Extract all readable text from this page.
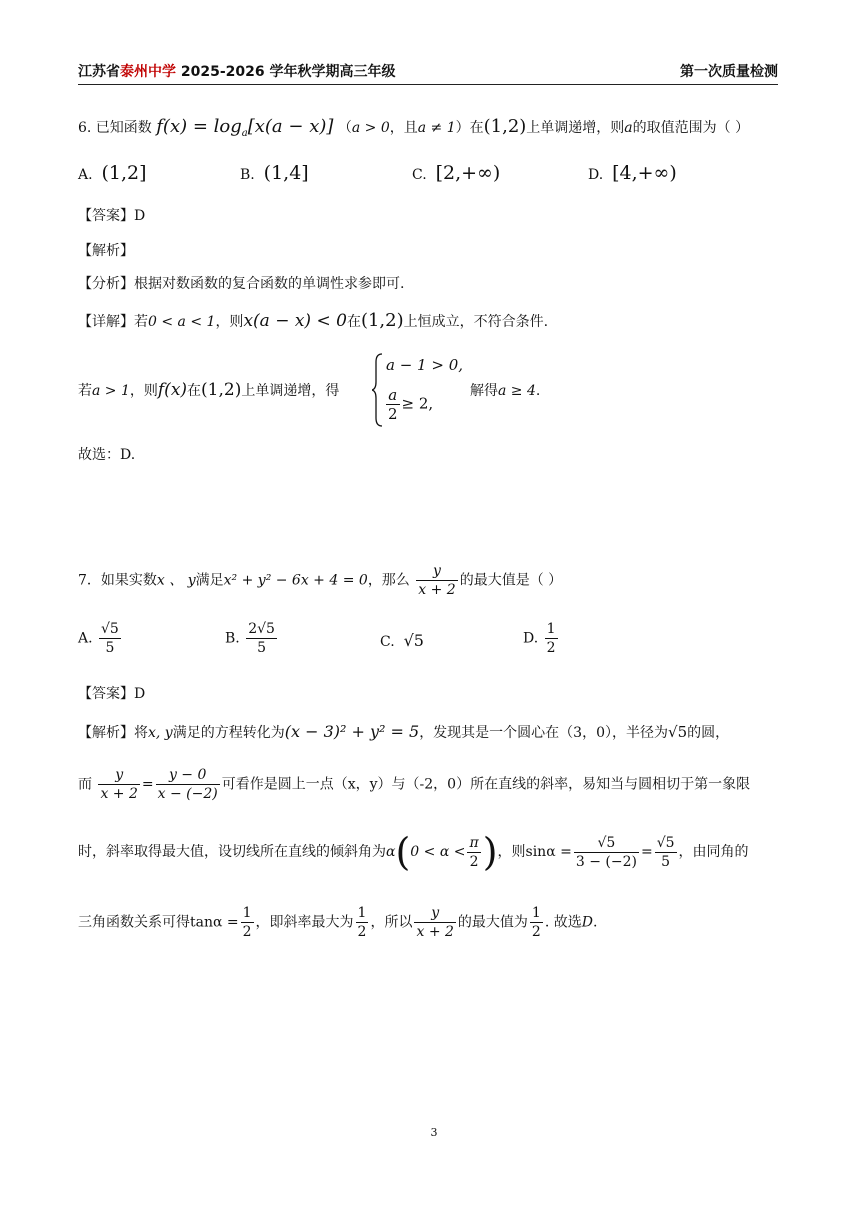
江苏省泰州中学 2025-2026 学年秋学期高三年级	第一次质量检测
6. 已知函数 $f(x) = \log_a[x(a - x)] (a > 0$，且a ≠ 1）在(1,2)上单调递增，则a的取值范围为（ ）
A. (1,2]	B. (1,4]	C. [2,+∞)	D. [4,+∞)
【答案】D
【解析】
【分析】根据对数函数的复合函数的单调性求参即可.
【详解】若0 < a < 1，则x(a − x) < 0在(1,2)上恒成立，不符合条件.
若a > 1，则f(x)在(1,2)上单调递增，得
a − 1 > 0,
$\frac{a}{2} \ge 2$,
解得a ≥ 4.
故选：D.
7．如果实数x 、 y满足x² + y² − 6x + 4 = 0，那么 $\frac{y}{x + 2}$ 的最大值是（ ）
A. $\frac{√5}{5}$	B. $\frac{2√5}{5}$	C. √5	D. $\frac{1}{2}$
【答案】D
【解析】将x, y满足的方程转化为(x − 3)² + y² = 5，发现其是一个圆心在（3，0），半径为√5的圆，
而 $\frac{y}{x + 2} = \frac{y - 0}{x - (-2)}$ 可看作是圆上一点（x，y）与（-2，0）所在直线的斜率，易知当与圆相切于第一象限
时，斜率取得最大值，设切线所在直线的倾斜角为$\alpha(0 < \alpha < \frac{\pi}{2}$ )，则$\sin\alpha = \frac{√5}{3 - (-2)} = \frac{√5}{5}$ ，由同角的
三角函数关系可得$\tan\alpha = \frac{1}{2}$ ，即斜率最大为 $\frac{1}{2}$ ，所以 $\frac{y}{x + 2}$ 的最大值为 $\frac{1}{2}$ . 故选D.
3
